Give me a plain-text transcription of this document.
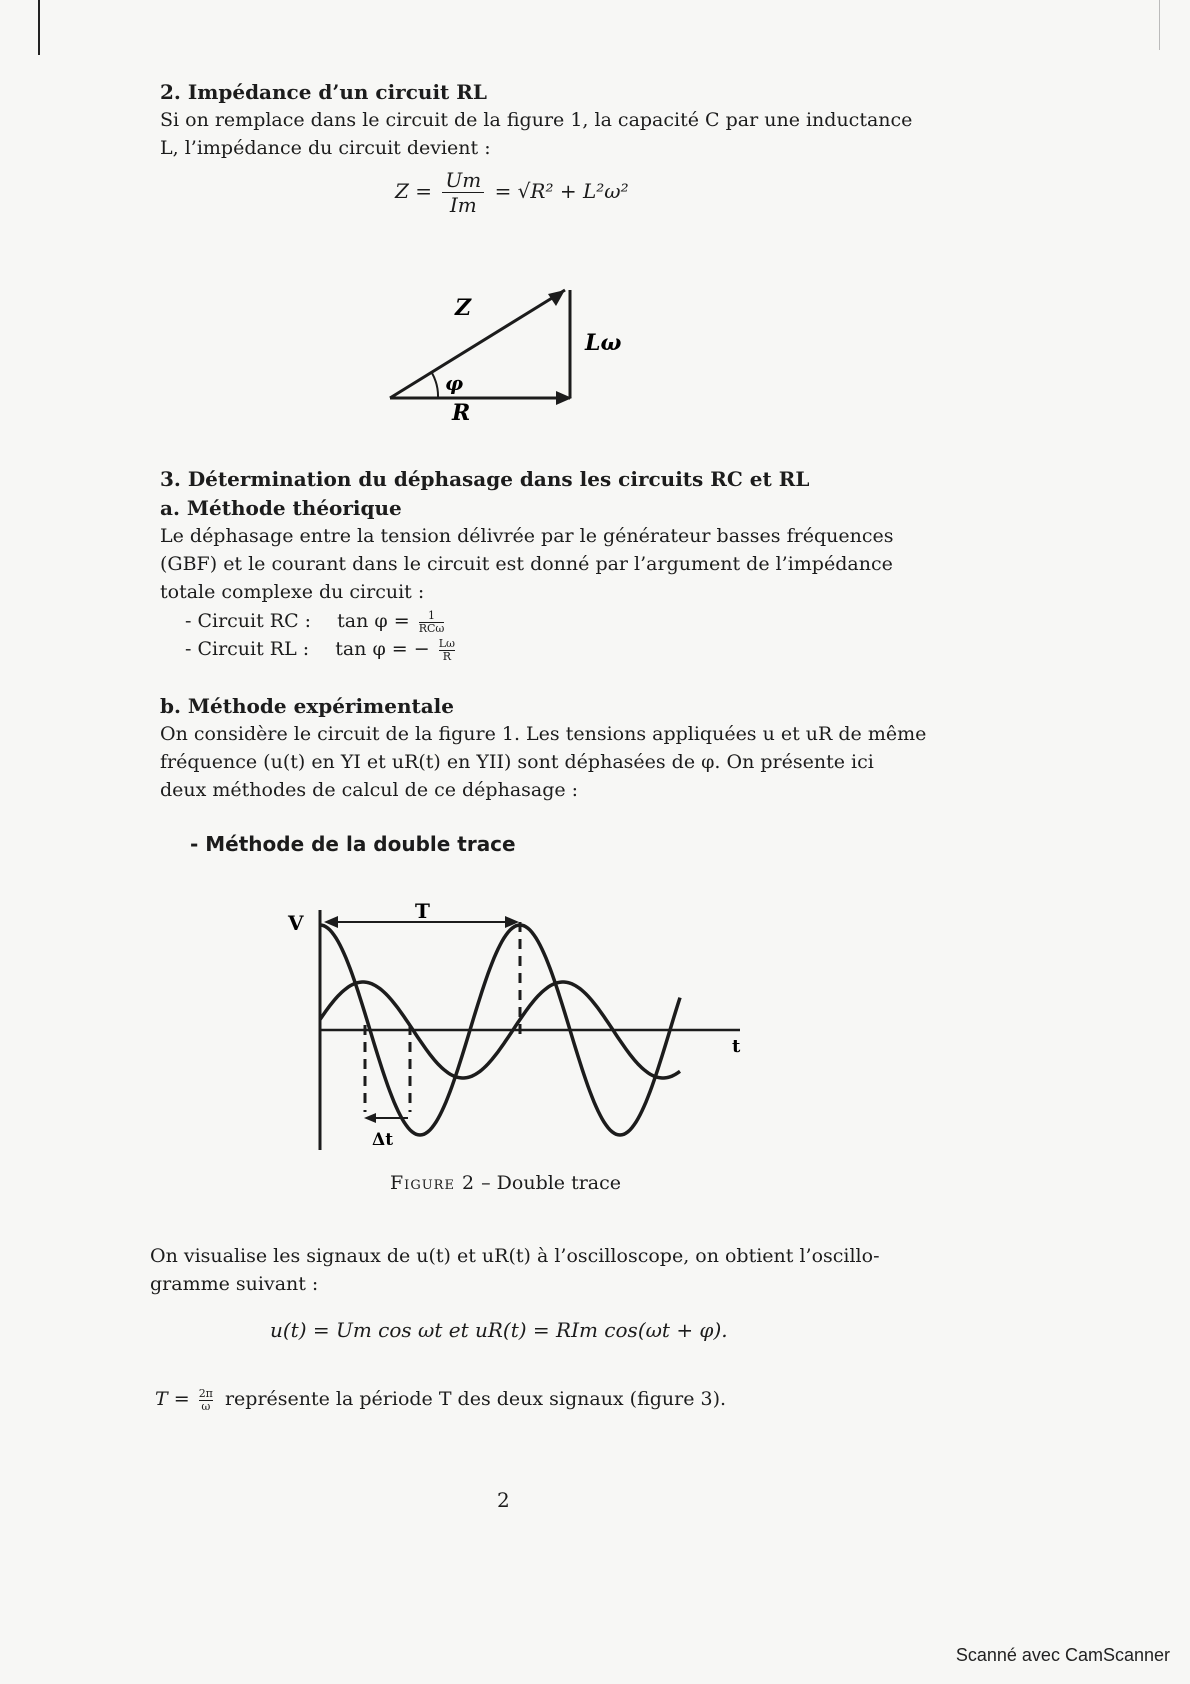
2. Impédance d’un circuit RL
Si on remplace dans le circuit de la figure 1, la capacité C par une inductance
L, l’impédance du circuit devient :
$Z = \frac{Um}{Im} = √R^2 + L^2\omega^2$
Z
Lω
φ
R
3. Détermination du déphasage dans les circuits RC et RL
a. Méthode théorique
Le déphasage entre la tension délivrée par le générateur basses fréquences
(GBF) et le courant dans le circuit est donné par l’argument de l’impédance
totale complexe du circuit :
- Circuit RC : $\tan \varphi = \frac{1}{\text{RCω}}$
- Circuit RL : tan φ = − $\frac{L\omega}{R}$
b. Méthode expérimentale
On considère le circuit de la figure 1. Les tensions appliquées u et uR de même
fréquence (u(t) en YI et uR(t) en YII) sont déphasées de φ. On présente ici
deux méthodes de calcul de ce déphasage :
- Méthode de la double trace
V	T
t
Δt
Figure 2 – Double trace
On visualise les signaux de u(t) et uR(t) à l’oscilloscope, on obtient l’oscillo-
gramme suivant :
u(t) = Um cos ωt et uR(t) = RIm cos(ωt + φ).
$T = \frac{2\pi}{\omega}$ représente la période T des deux signaux (figure 3).
2
Scanné avec CamScanner
